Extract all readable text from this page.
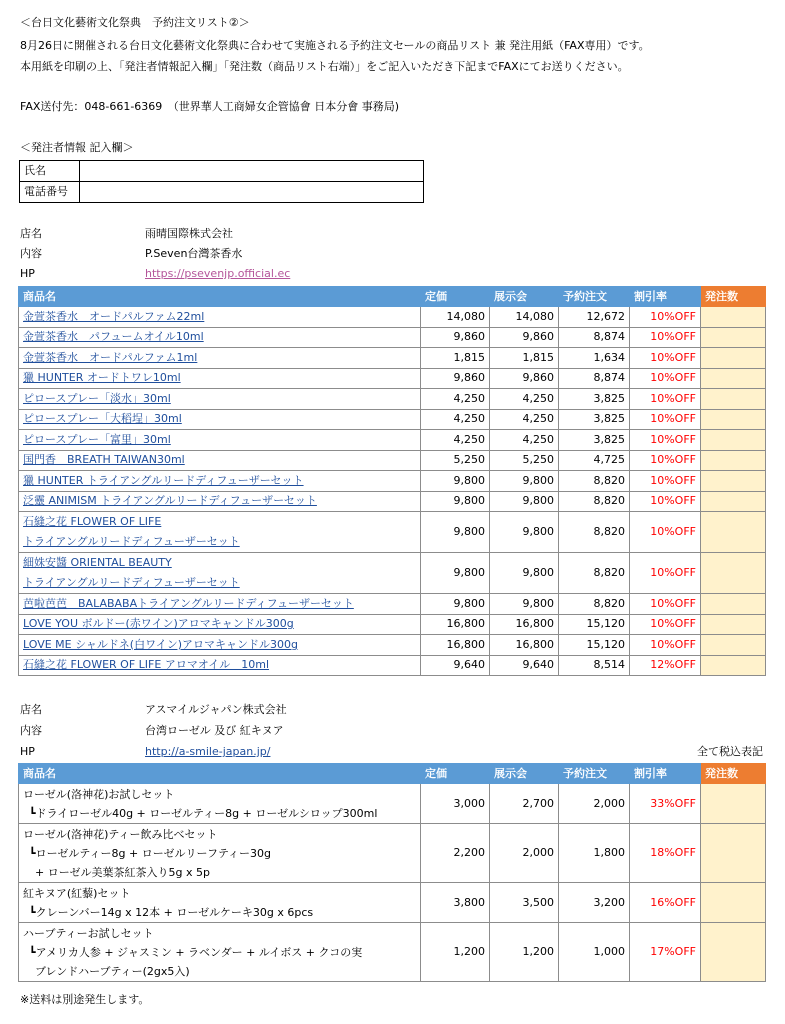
＜台日文化藝術文化祭典　予約注文リスト②＞
8月26日に開催される台日文化藝術文化祭典に合わせて実施される予約注文セールの商品リスト 兼 発注用紙（FAX専用）です。
本用紙を印刷の上、「発注者情報記入欄」「発注数（商品リスト右端）」をご記入いただき下記までFAXにてお送りください。
FAX送付先：048-661-6369　（世界華人工商婦女企管協會 日本分會 事務局)
＜発注者情報 記入欄＞
氏名	
電話番号	
店名	雨晴国際株式会社
内容	P.Seven台灣茶香水
HP	https://psevenjp.official.ec
商品名	定価	展示会	予約注文	割引率	発注数
金萱茶香水　オードパルファム22ml	14,080	14,080	12,672	10%OFF	
金萱茶香水　パフュームオイル10ml	9,860	9,860	8,874	10%OFF	
金萱茶香水　オードパルファム1ml	1,815	1,815	1,634	10%OFF	
獵 HUNTER オードトワレ10ml	9,860	9,860	8,874	10%OFF	
ピロースプレー「淡水」30ml	4,250	4,250	3,825	10%OFF	
ピロースプレー「大稻埕」30ml	4,250	4,250	3,825	10%OFF	
ピロースプレー「富里」30ml	4,250	4,250	3,825	10%OFF	
国門香　BREATH TAIWAN30ml	5,250	5,250	4,725	10%OFF	
獵 HUNTER トライアングルリードディフューザーセット	9,800	9,800	8,820	10%OFF	
泛靈 ANIMISM トライアングルリードディフューザーセット	9,800	9,800	8,820	10%OFF	
石縫之花 FLOWER OF LIFE
トライアングルリードディフューザーセット	9,800	9,800	8,820	10%OFF	
細姝安醬 ORIENTAL BEAUTY
トライアングルリードディフューザーセット	9,800	9,800	8,820	10%OFF	
芭啦芭芭　BALABABAトライアングルリードディフューザーセット	9,800	9,800	8,820	10%OFF	
LOVE YOU ボルドー(赤ワイン)アロマキャンドル300g	16,800	16,800	15,120	10%OFF	
LOVE ME シャルドネ(白ワイン)アロマキャンドル300g	16,800	16,800	15,120	10%OFF	
石縫之花 FLOWER OF LIFE アロマオイル　10ml	9,640	9,640	8,514	12%OFF	
店名	アスマイルジャパン株式会社
内容	台湾ローゼル 及び 紅キヌア
HP	http://a-smile-japan.jp/	全て税込表記
商品名	定価	展示会	予約注文	割引率	発注数

ローゼル(洛神花)お試しセット
┗ドライローゼル40g + ローゼルティー8g + ローゼルシロップ300ml	3,000	2,700	2,000	33%OFF	

ローゼル(洛神花)ティー飲み比べセット
┗ローゼルティー8g + ローゼルリーフティー30g
+ ローゼル美葉茶紅茶入り5g x 5p	2,200	2,000	1,800	18%OFF	

紅キヌア(紅藜)セット
┗クレーンバー14g x 12本 + ローゼルケーキ30g x 6pcs	3,800	3,500	3,200	16%OFF	

ハーブティーお試しセット
┗アメリカ人参 + ジャスミン + ラベンダー + ルイボス + クコの実
ブレンドハーブティー(2gx5入)	1,200	1,200	1,000	17%OFF	
※送料は別途発生します。
